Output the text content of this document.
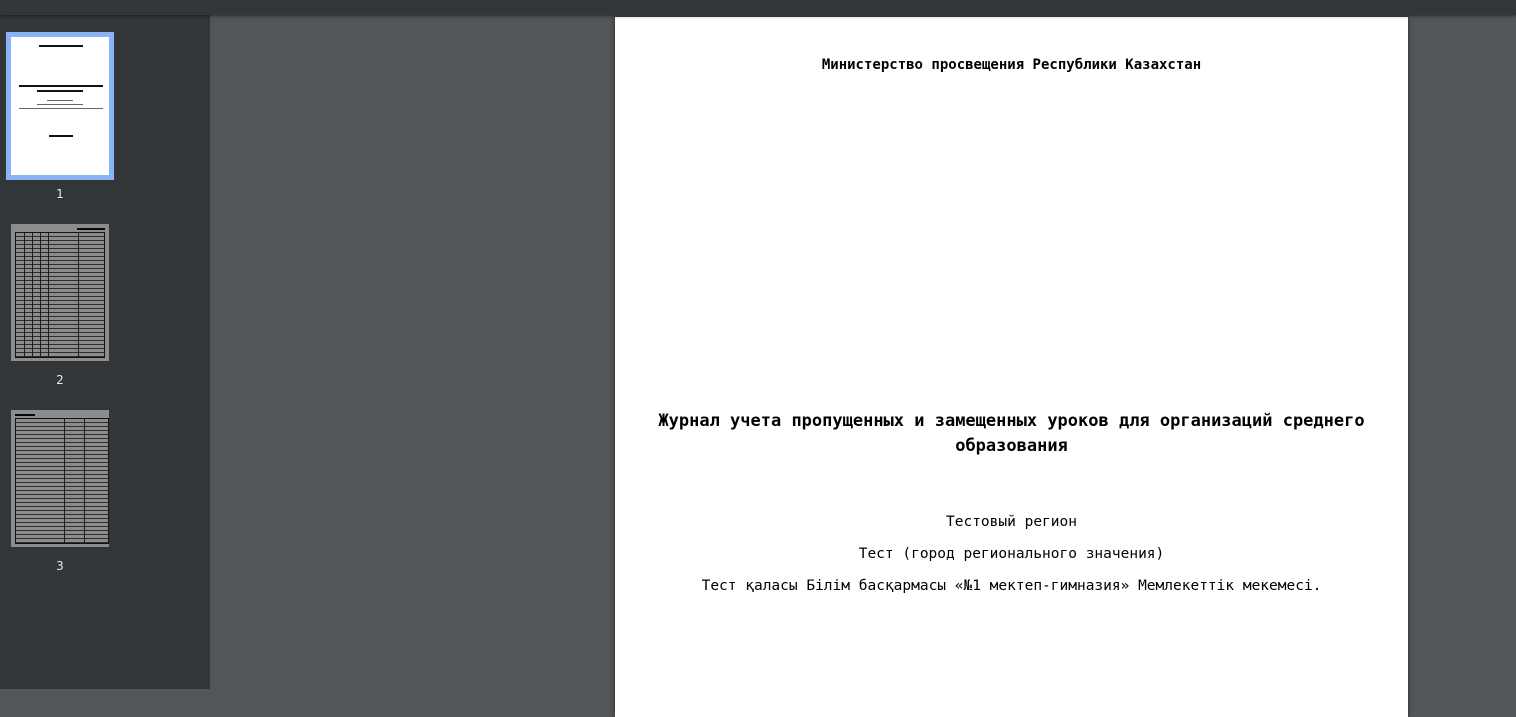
1
2
3
Министерство просвещения Республики Казахстан
Журнал учета пропущенных и замещенных уроков для организаций среднего образования
Тестовый регион
Тест (город регионального значения)
Тест қаласы Білім басқармасы «№1 мектеп-гимназия» Мемлекеттік мекемесі.
